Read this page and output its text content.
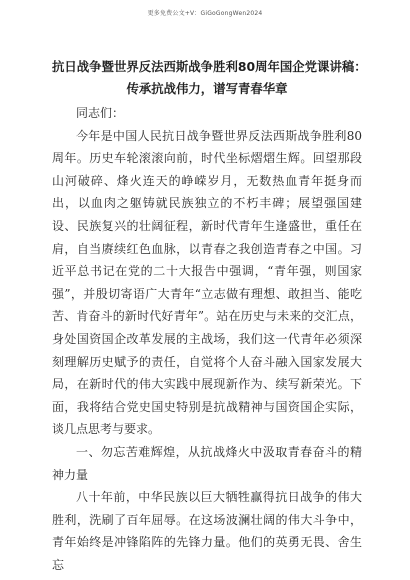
更多免费公文+V：GiGoGongWen2024
抗日战争暨世界反法西斯战争胜利80周年国企党课讲稿：
传承抗战伟力，谱写青春华章

同志们：

今年是中国人民抗日战争暨世界反法西斯战争胜利80周年。历史车轮滚滚向前，时代坐标熠熠生辉。回望那段山河破碎、烽火连天的峥嵘岁月，无数热血青年挺身而出，以血肉之躯铸就民族独立的不朽丰碑；展望强国建设、民族复兴的壮阔征程，新时代青年生逢盛世，重任在肩，自当赓续红色血脉，以青春之我创造青春之中国。习近平总书记在党的二十大报告中强调，“青年强，则国家强”，并殷切寄语广大青年“立志做有理想、敢担当、能吃苦、肯奋斗的新时代好青年”。站在历史与未来的交汇点，身处国资国企改革发展的主战场，我们这一代青年必须深刻理解历史赋予的责任，自觉将个人奋斗融入国家发展大局，在新时代的伟大实践中展现新作为、续写新荣光。下面，我将结合党史国史特别是抗战精神与国资国企实际，谈几点思考与要求。

一、勿忘苦难辉煌，从抗战烽火中汲取青春奋斗的精神力量

八十年前，中华民族以巨大牺牲赢得抗日战争的伟大胜利，洗刷了百年屈辱。在这场波澜壮阔的伟大斗争中，青年始终是冲锋陷阵的先锋力量。他们的英勇无畏、舍生忘
